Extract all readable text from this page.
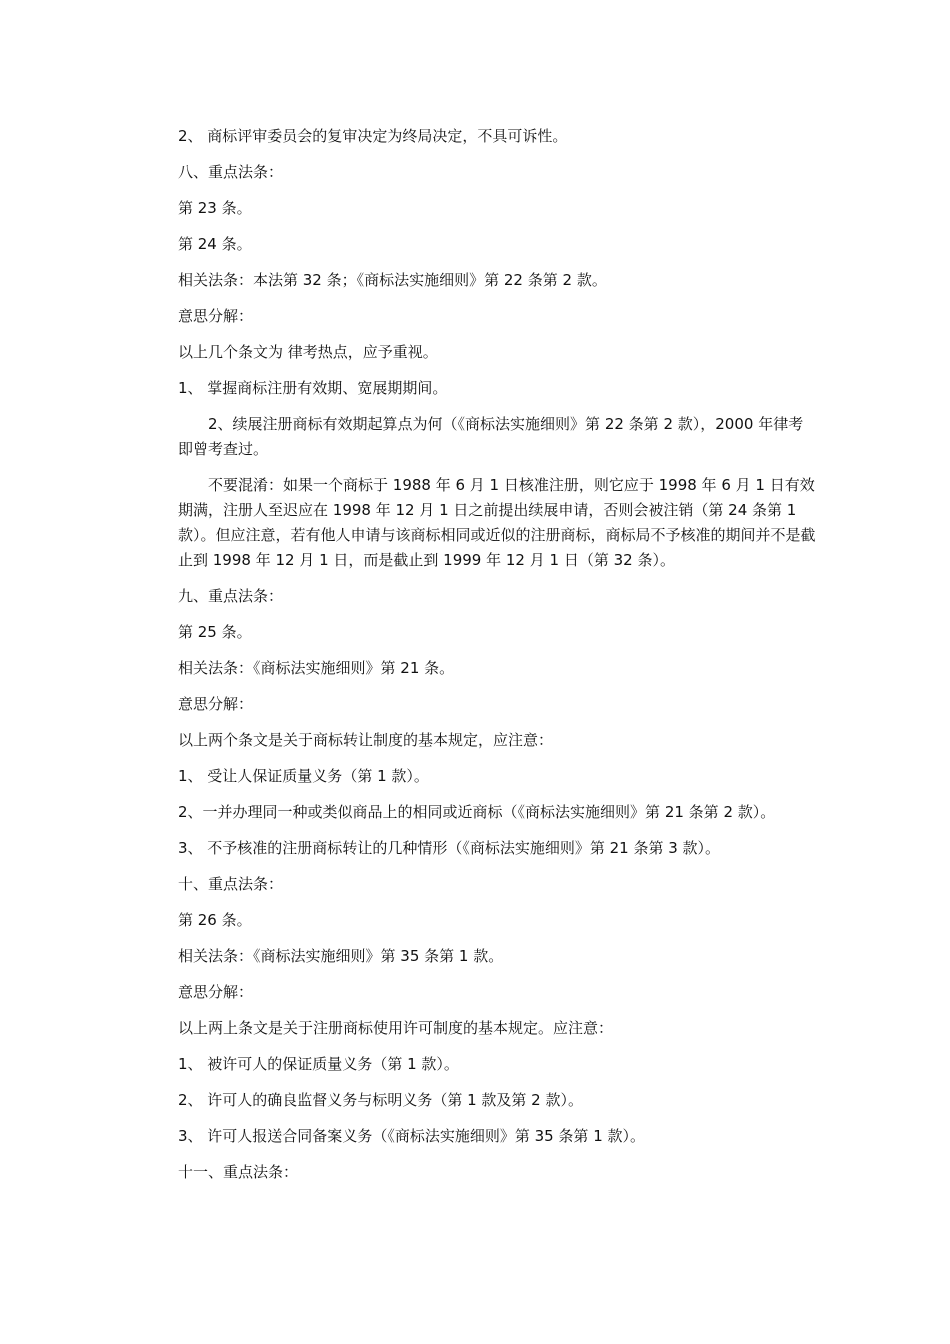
2、 商标评审委员会的复审决定为终局决定，不具可诉性。

八、重点法条：

第 23 条。

第 24 条。

相关法条：本法第 32 条；《商标法实施细则》第 22 条第 2 款。

意思分解：

以上几个条文为 律考热点，应予重视。

1、 掌握商标注册有效期、宽展期期间。

2、续展注册商标有效期起算点为何（《商标法实施细则》第 22 条第 2 款），2000 年律考即曾考查过。

不要混淆：如果一个商标于 1988 年 6 月 1 日核准注册，则它应于 1998 年 6 月 1 日有效期满，注册人至迟应在 1998 年 12 月 1 日之前提出续展申请，否则会被注销（第 24 条第 1 款）。但应注意，若有他人申请与该商标相同或近似的注册商标，商标局不予核准的期间并不是截止到 1998 年 12 月 1 日，而是截止到 1999 年 12 月 1 日（第 32 条）。

九、重点法条：

第 25 条。

相关法条：《商标法实施细则》第 21 条。

意思分解：

以上两个条文是关于商标转让制度的基本规定，应注意：

1、 受让人保证质量义务（第 1 款）。

2、一并办理同一种或类似商品上的相同或近商标（《商标法实施细则》第 21 条第 2 款）。

3、 不予核准的注册商标转让的几种情形（《商标法实施细则》第 21 条第 3 款）。

十、重点法条：

第 26 条。

相关法条：《商标法实施细则》第 35 条第 1 款。

意思分解：

以上两上条文是关于注册商标使用许可制度的基本规定。应注意：

1、 被许可人的保证质量义务（第 1 款）。

2、 许可人的确良监督义务与标明义务（第 1 款及第 2 款）。

3、 许可人报送合同备案义务（《商标法实施细则》第 35 条第 1 款）。

十一、重点法条：
